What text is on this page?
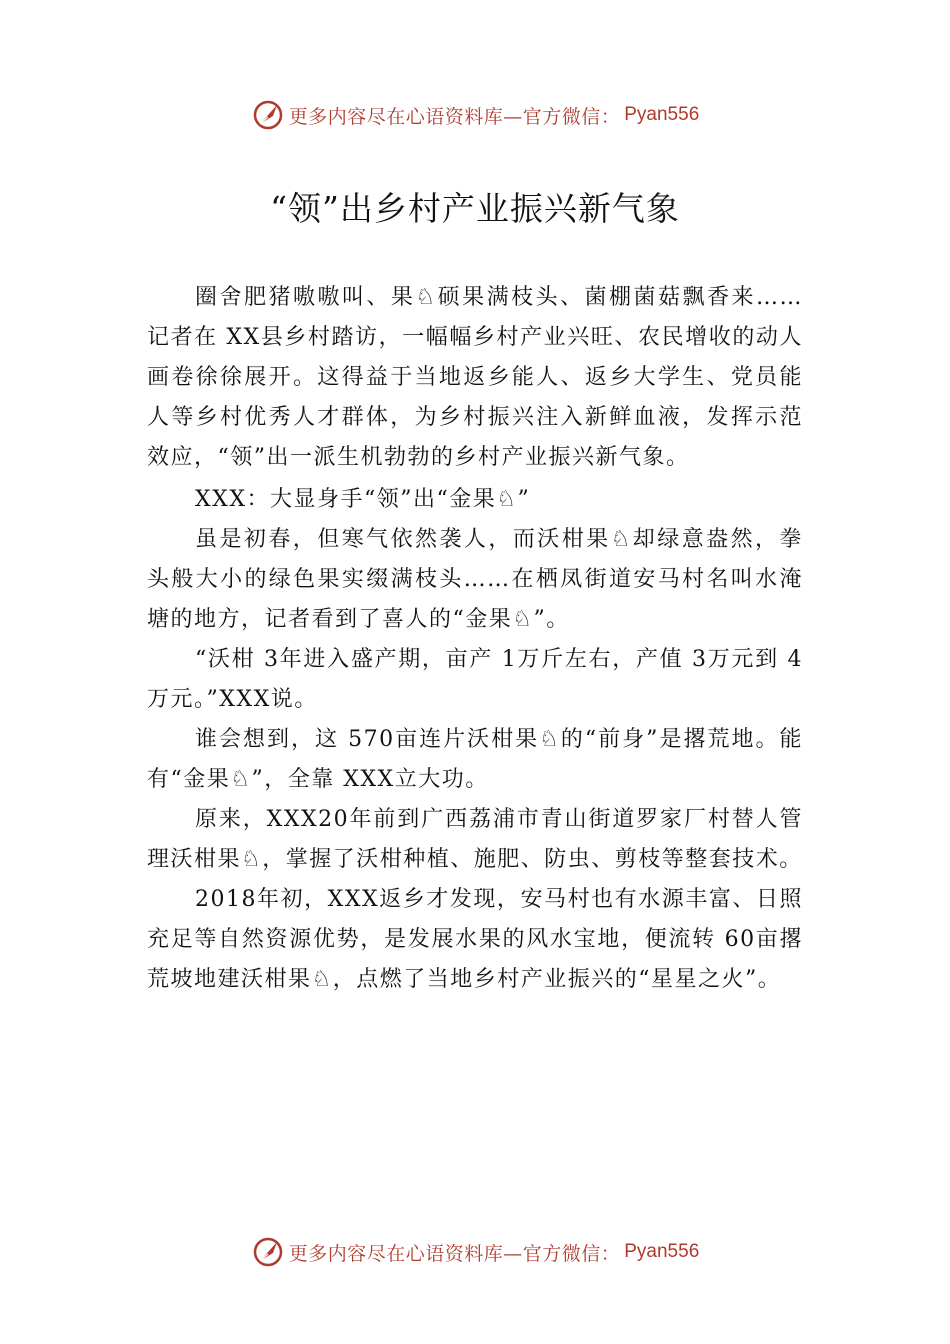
更多内容尽在心语资料库—官方微信： Pyan556
“领”出乡村产业振兴新气象

圈舍肥猪嗷嗷叫、果♘硕果满枝头、菌棚菌菇飘香来……记者在 XX县乡村踏访，一幅幅乡村产业兴旺、农民增收的动人画卷徐徐展开。这得益于当地返乡能人、返乡大学生、党员能人等乡村优秀人才群体，为乡村振兴注入新鲜血液，发挥示范效应，“领”出一派生机勃勃的乡村产业振兴新气象。

XXX：大显身手“领”出“金果♘”

虽是初春，但寒气依然袭人，而沃柑果♘却绿意盎然，拳头般大小的绿色果实缀满枝头……在栖凤街道安马村名叫水淹塘的地方，记者看到了喜人的“金果♘”。

“沃柑 3年进入盛产期，亩产 1万斤左右，产值 3万元到 4万元。”XXX说。

谁会想到，这 570亩连片沃柑果♘的“前身”是撂荒地。能有“金果♘”，全靠 XXX立大功。

原来，XXX20年前到广西荔浦市青山街道罗家厂村替人管理沃柑果♘，掌握了沃柑种植、施肥、防虫、剪枝等整套技术。

2018年初，XXX返乡才发现，安马村也有水源丰富、日照充足等自然资源优势，是发展水果的风水宝地，便流转 60亩撂荒坡地建沃柑果♘，点燃了当地乡村产业振兴的“星星之火”。

更多内容尽在心语资料库—官方微信： Pyan556
